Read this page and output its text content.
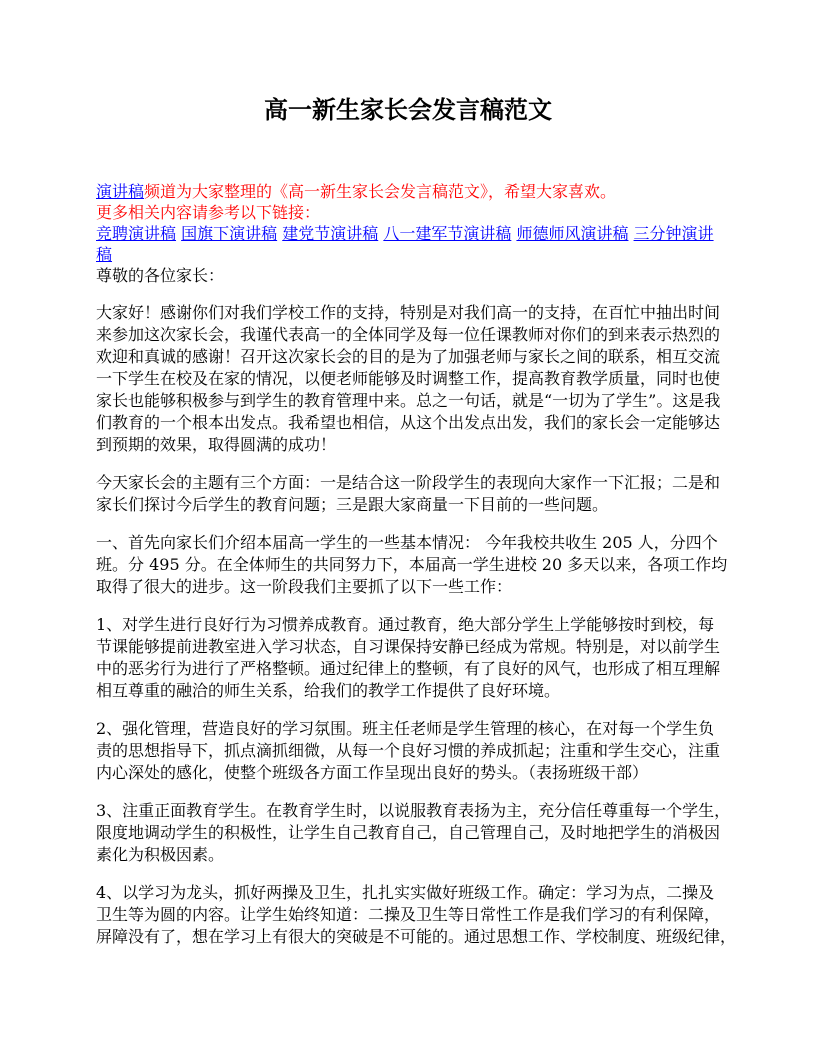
高一新生家长会发言稿范文
演讲稿频道为大家整理的《高一新生家长会发言稿范文》，希望大家喜欢。
更多相关内容请参考以下链接：
竞聘演讲稿 国旗下演讲稿 建党节演讲稿 八一建军节演讲稿 师德师风演讲稿 三分钟演讲稿
尊敬的各位家长：
大家好！感谢你们对我们学校工作的支持，特别是对我们高一的支持，在百忙中抽出时间
来参加这次家长会，我谨代表高一的全体同学及每一位任课教师对你们的到来表示热烈的
欢迎和真诚的感谢！召开这次家长会的目的是为了加强老师与家长之间的联系，相互交流
一下学生在校及在家的情况，以便老师能够及时调整工作，提高教育教学质量，同时也使
家长也能够积极参与到学生的教育管理中来。总之一句话，就是“一切为了学生”。这是我
们教育的一个根本出发点。我希望也相信，从这个出发点出发，我们的家长会一定能够达
到预期的效果，取得圆满的成功！
今天家长会的主题有三个方面：一是结合这一阶段学生的表现向大家作一下汇报；二是和
家长们探讨今后学生的教育问题；三是跟大家商量一下目前的一些问题。
一、首先向家长们介绍本届高一学生的一些基本情况： 今年我校共收生 205 人，分四个
班。分 495 分。在全体师生的共同努力下，本届高一学生进校 20 多天以来，各项工作均
取得了很大的进步。这一阶段我们主要抓了以下一些工作：
1、对学生进行良好行为习惯养成教育。通过教育，绝大部分学生上学能够按时到校，每
节课能够提前进教室进入学习状态，自习课保持安静已经成为常规。特别是，对以前学生
中的恶劣行为进行了严格整顿。通过纪律上的整顿，有了良好的风气，也形成了相互理解
相互尊重的融洽的师生关系，给我们的教学工作提供了良好环境。
2、强化管理，营造良好的学习氛围。班主任老师是学生管理的核心，在对每一个学生负
责的思想指导下，抓点滴抓细微，从每一个良好习惯的养成抓起；注重和学生交心，注重
内心深处的感化，使整个班级各方面工作呈现出良好的势头。（表扬班级干部）
3、注重正面教育学生。在教育学生时，以说服教育表扬为主，充分信任尊重每一个学生，
限度地调动学生的积极性，让学生自己教育自己，自己管理自己，及时地把学生的消极因
素化为积极因素。
4、以学习为龙头，抓好两操及卫生，扎扎实实做好班级工作。确定：学习为点，二操及
卫生等为圆的内容。让学生始终知道：二操及卫生等日常性工作是我们学习的有利保障，
屏障没有了，想在学习上有很大的突破是不可能的。通过思想工作、学校制度、班级纪律，
